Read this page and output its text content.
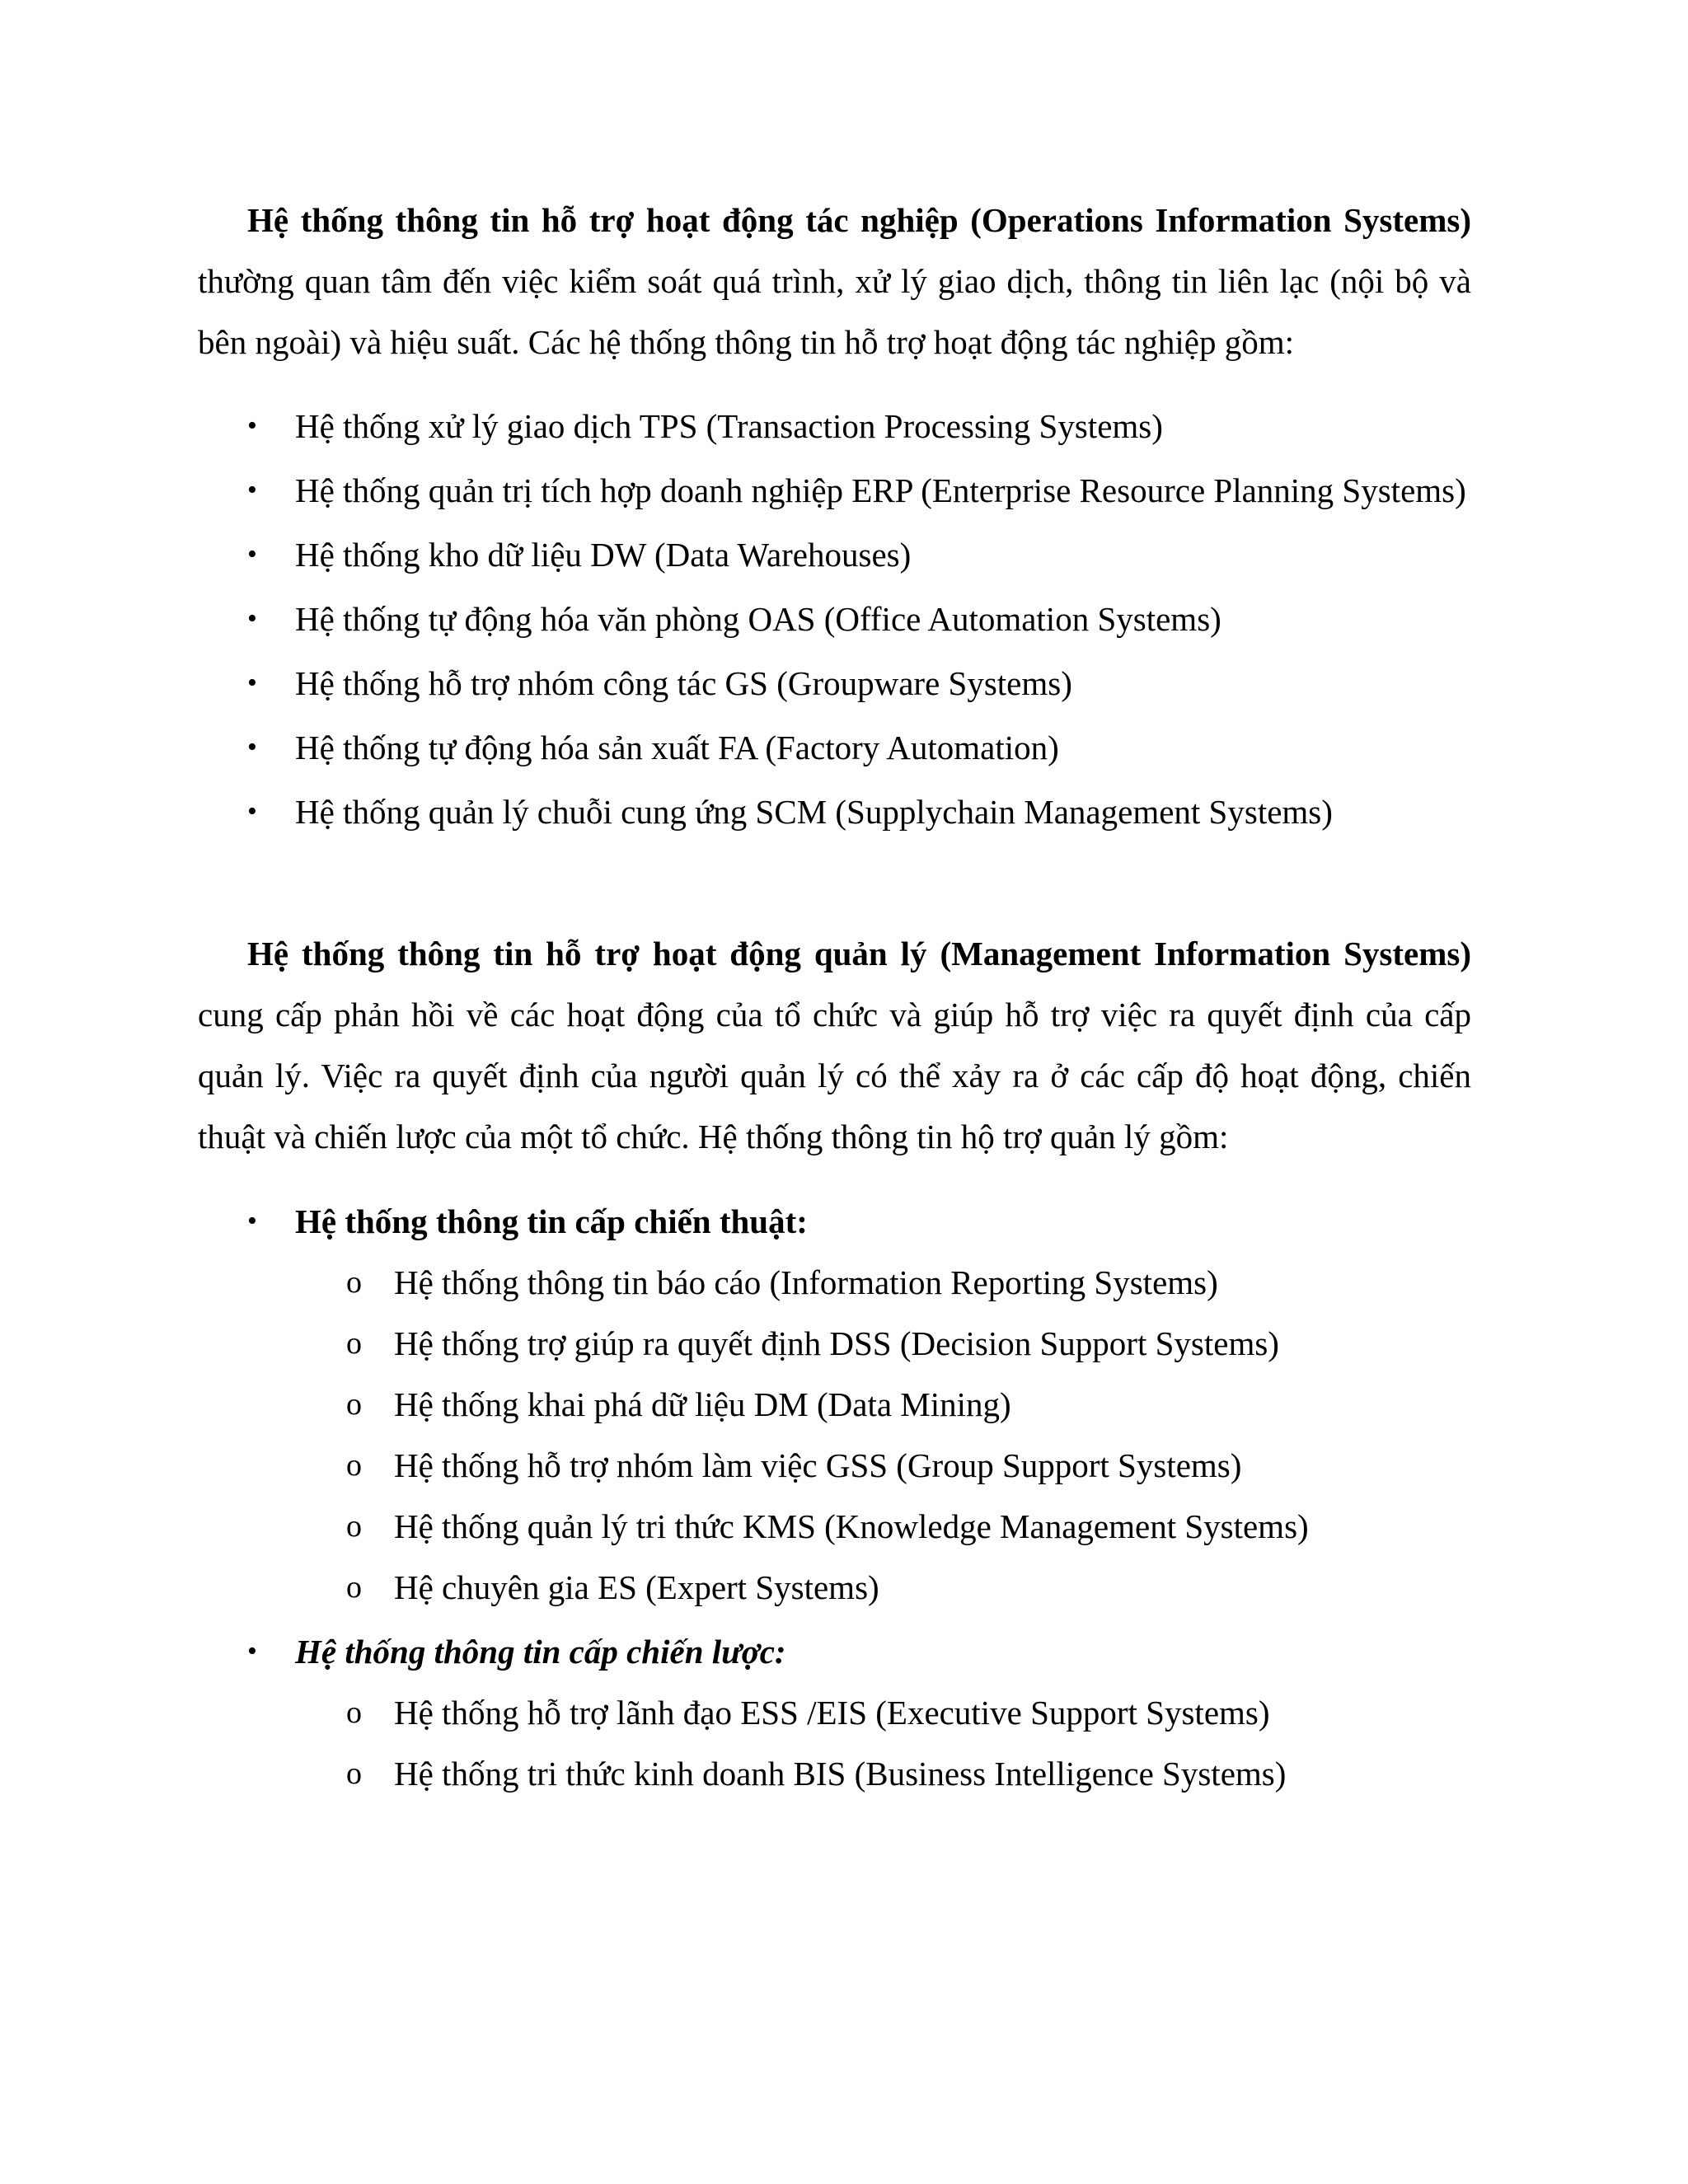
Hệ thống thông tin hỗ trợ hoạt động tác nghiệp (Operations Information Systems) thường quan tâm đến việc kiểm soát quá trình, xử lý giao dịch, thông tin liên lạc (nội bộ và bên ngoài) và hiệu suất. Các hệ thống thông tin hỗ trợ hoạt động tác nghiệp gồm:

• Hệ thống xử lý giao dịch TPS (Transaction Processing Systems)
• Hệ thống quản trị tích hợp doanh nghiệp ERP (Enterprise Resource Planning Systems)
• Hệ thống kho dữ liệu DW (Data Warehouses)
• Hệ thống tự động hóa văn phòng OAS (Office Automation Systems)
• Hệ thống hỗ trợ nhóm công tác GS (Groupware Systems)
• Hệ thống tự động hóa sản xuất FA (Factory Automation)
• Hệ thống quản lý chuỗi cung ứng SCM (Supplychain Management Systems)

Hệ thống thông tin hỗ trợ hoạt động quản lý (Management Information Systems) cung cấp phản hồi về các hoạt động của tổ chức và giúp hỗ trợ việc ra quyết định của cấp quản lý. Việc ra quyết định của người quản lý có thể xảy ra ở các cấp độ hoạt động, chiến thuật và chiến lược của một tổ chức. Hệ thống thông tin hộ trợ quản lý gồm:

• Hệ thống thông tin cấp chiến thuật:
o Hệ thống thông tin báo cáo (Information Reporting Systems)
o Hệ thống trợ giúp ra quyết định DSS (Decision Support Systems)
o Hệ thống khai phá dữ liệu DM (Data Mining)
o Hệ thống hỗ trợ nhóm làm việc GSS (Group Support Systems)
o Hệ thống quản lý tri thức KMS (Knowledge Management Systems)
o Hệ chuyên gia ES (Expert Systems)
• Hệ thống thông tin cấp chiến lược:
o Hệ thống hỗ trợ lãnh đạo ESS /EIS (Executive Support Systems)
o Hệ thống tri thức kinh doanh BIS (Business Intelligence Systems)
